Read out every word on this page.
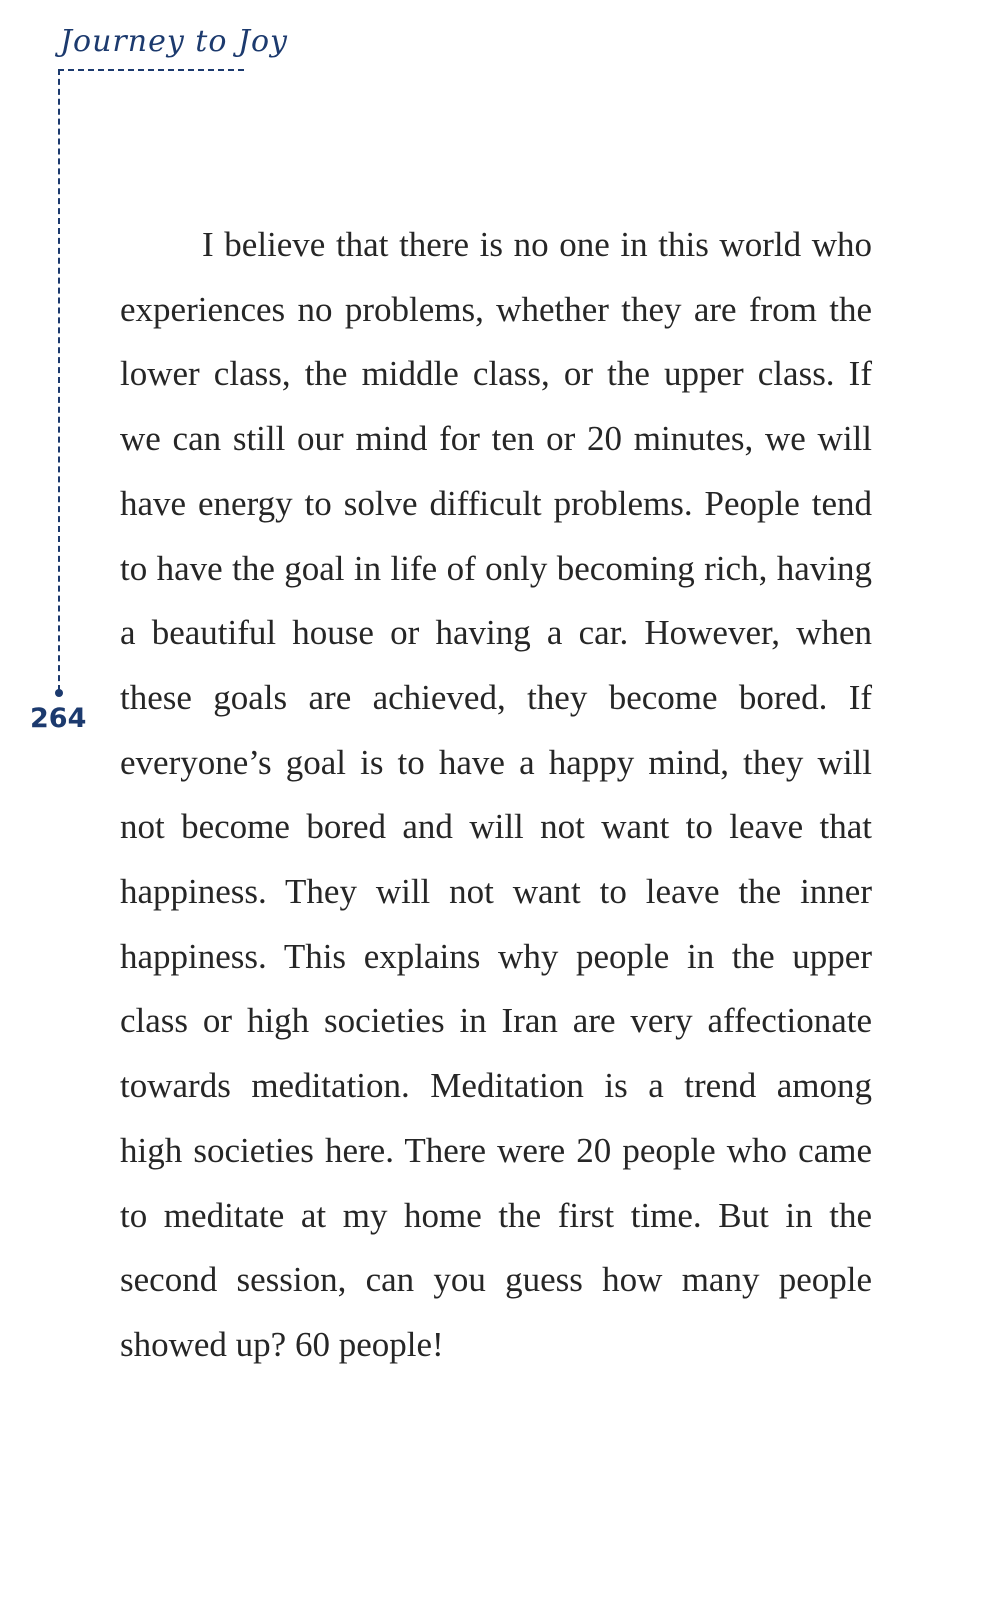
Journey to Joy
264

I believe that there is no one in this world who experiences no problems, whether they are from the lower class, the middle class, or the upper class. If we can still our mind for ten or 20 minutes, we will have energy to solve difficult problems. People tend to have the goal in life of only becoming rich, having a beautiful house or having a car. However, when these goals are achieved, they become bored. If everyone’s goal is to have a happy mind, they will not become bored and will not want to leave that happiness. They will not want to leave the inner happiness. This explains why people in the upper class or high societies in Iran are very affectionate towards meditation. Meditation is a trend among high societies here. There were 20 people who came to meditate at my home the first time. But in the second session, can you guess how many people showed up? 60 people!
